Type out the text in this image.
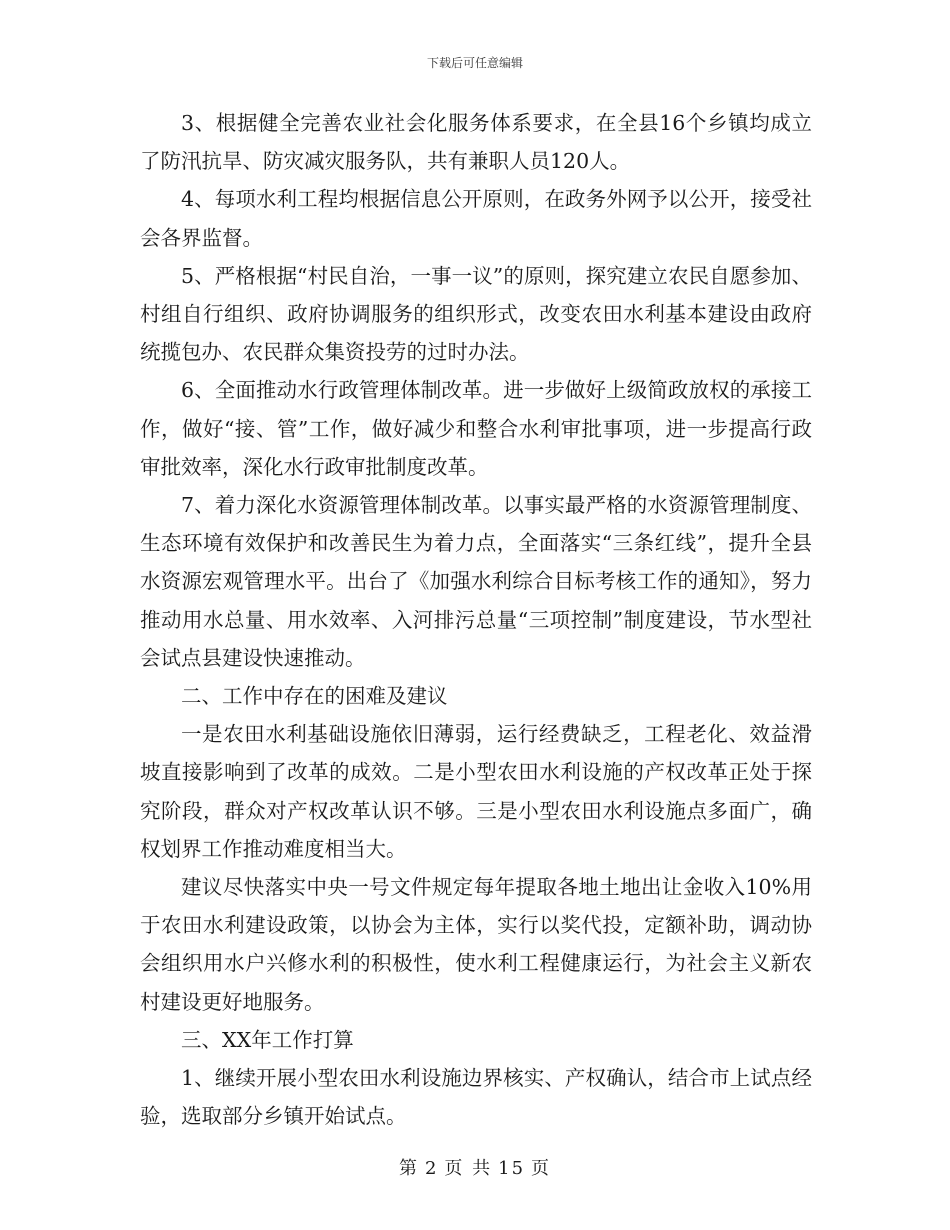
下载后可任意编辑

3、根据健全完善农业社会化服务体系要求，在全县16个乡镇均成立了防汛抗旱、防灾减灾服务队，共有兼职人员120人。

4、每项水利工程均根据信息公开原则，在政务外网予以公开，接受社会各界监督。

5、严格根据“村民自治，一事一议”的原则，探究建立农民自愿参加、村组自行组织、政府协调服务的组织形式，改变农田水利基本建设由政府统揽包办、农民群众集资投劳的过时办法。

6、全面推动水行政管理体制改革。进一步做好上级简政放权的承接工作，做好“接、管”工作，做好减少和整合水利审批事项，进一步提高行政审批效率，深化水行政审批制度改革。

7、着力深化水资源管理体制改革。以事实最严格的水资源管理制度、生态环境有效保护和改善民生为着力点，全面落实“三条红线”，提升全县水资源宏观管理水平。出台了《加强水利综合目标考核工作的通知》，努力推动用水总量、用水效率、入河排污总量“三项控制”制度建设，节水型社会试点县建设快速推动。

二、工作中存在的困难及建议

一是农田水利基础设施依旧薄弱，运行经费缺乏，工程老化、效益滑坡直接影响到了改革的成效。二是小型农田水利设施的产权改革正处于探究阶段，群众对产权改革认识不够。三是小型农田水利设施点多面广，确权划界工作推动难度相当大。

建议尽快落实中央一号文件规定每年提取各地土地出让金收入10%用于农田水利建设政策，以协会为主体，实行以奖代投，定额补助，调动协会组织用水户兴修水利的积极性，使水利工程健康运行，为社会主义新农村建设更好地服务。

三、XX年工作打算

1、继续开展小型农田水利设施边界核实、产权确认，结合市上试点经验，选取部分乡镇开始试点。

第 2 页 共 15 页
